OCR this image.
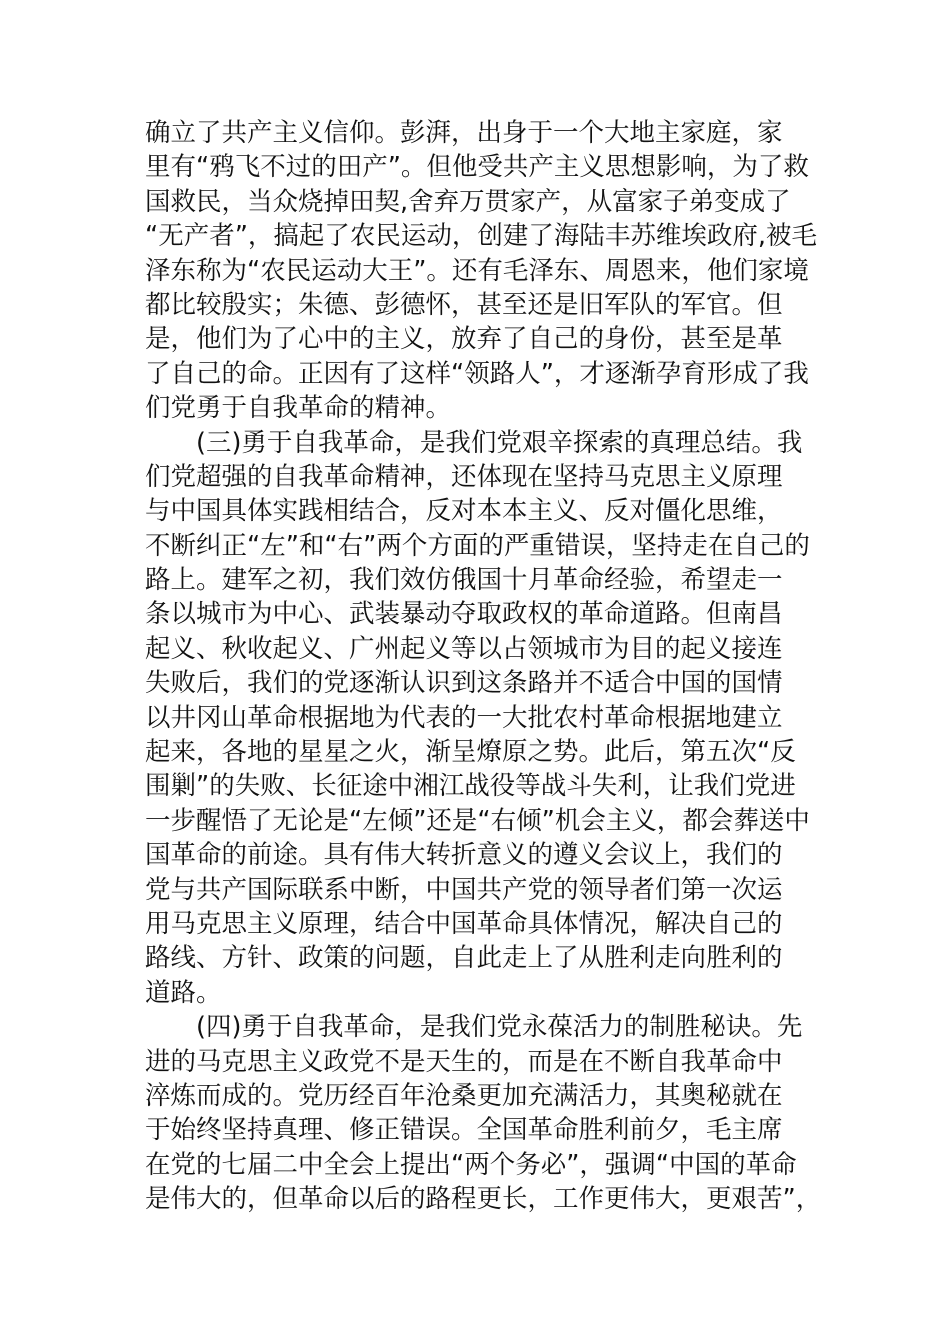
确立了共产主义信仰。彭湃，出身于一个大地主家庭，家
里有“鸦飞不过的田产”。但他受共产主义思想影响，为了救
国救民，当众烧掉田契,舍弃万贯家产，从富家子弟变成了
“无产者”，搞起了农民运动，创建了海陆丰苏维埃政府,被毛
泽东称为“农民运动大王”。还有毛泽东、周恩来，他们家境
都比较殷实；朱德、彭德怀，甚至还是旧军队的军官。但
是，他们为了心中的主义，放弃了自己的身份，甚至是革
了自己的命。正因有了这样“领路人”，才逐渐孕育形成了我
们党勇于自我革命的精神。
(三)勇于自我革命，是我们党艰辛探索的真理总结。我
们党超强的自我革命精神，还体现在坚持马克思主义原理
与中国具体实践相结合，反对本本主义、反对僵化思维，
不断纠正“左”和“右”两个方面的严重错误，坚持走在自己的
路上。建军之初，我们效仿俄国十月革命经验，希望走一
条以城市为中心、武装暴动夺取政权的革命道路。但南昌
起义、秋收起义、广州起义等以占领城市为目的起义接连
失败后，我们的党逐渐认识到这条路并不适合中国的国情
以井冈山革命根据地为代表的一大批农村革命根据地建立
起来，各地的星星之火，渐呈燎原之势。此后，第五次“反
围剿”的失败、长征途中湘江战役等战斗失利，让我们党进
一步醒悟了无论是“左倾”还是“右倾”机会主义，都会葬送中
国革命的前途。具有伟大转折意义的遵义会议上，我们的
党与共产国际联系中断，中国共产党的领导者们第一次运
用马克思主义原理，结合中国革命具体情况，解决自己的
路线、方针、政策的问题，自此走上了从胜利走向胜利的
道路。
(四)勇于自我革命，是我们党永葆活力的制胜秘诀。先
进的马克思主义政党不是天生的，而是在不断自我革命中
淬炼而成的。党历经百年沧桑更加充满活力，其奥秘就在
于始终坚持真理、修正错误。全国革命胜利前夕，毛主席
在党的七届二中全会上提出“两个务必”，强调“中国的革命
是伟大的，但革命以后的路程更长，工作更伟大，更艰苦”，
